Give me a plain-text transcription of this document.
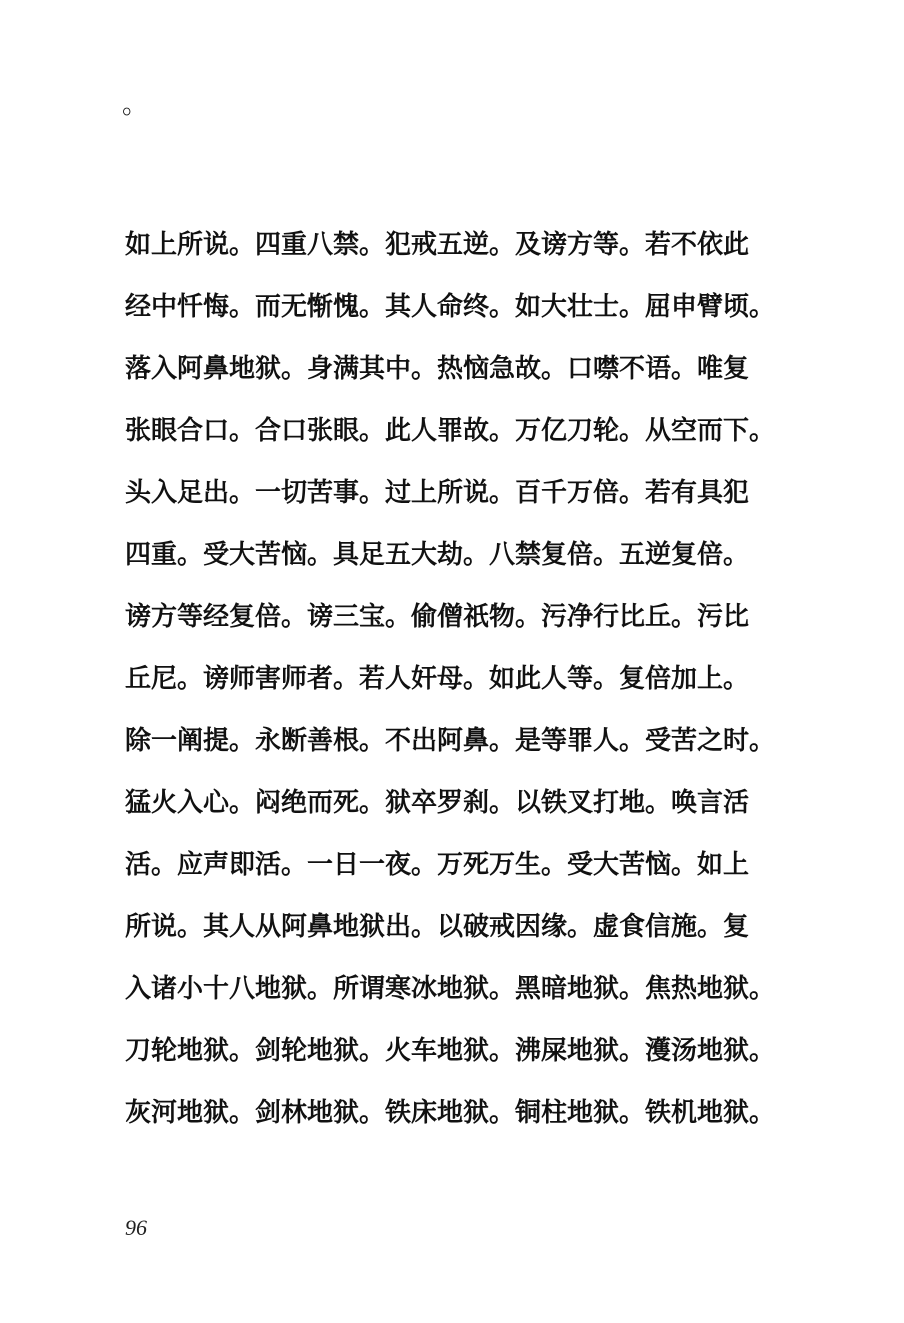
。
如上所说。四重八禁。犯戒五逆。及谤方等。若不依此
经中忏悔。而无惭愧。其人命终。如大壮士。屈申臂顷。
落入阿鼻地狱。身满其中。热恼急故。口噤不语。唯复
张眼合口。合口张眼。此人罪故。万亿刀轮。从空而下。
头入足出。一切苦事。过上所说。百千万倍。若有具犯
四重。受大苦恼。具足五大劫。八禁复倍。五逆复倍。
谤方等经复倍。谤三宝。偷僧祇物。污净行比丘。污比
丘尼。谤师害师者。若人奸母。如此人等。复倍加上。
除一阐提。永断善根。不出阿鼻。是等罪人。受苦之时。
猛火入心。闷绝而死。狱卒罗刹。以铁叉打地。唤言活
活。应声即活。一日一夜。万死万生。受大苦恼。如上
所说。其人从阿鼻地狱出。以破戒因缘。虚食信施。复
入诸小十八地狱。所谓寒冰地狱。黑暗地狱。焦热地狱。
刀轮地狱。剑轮地狱。火车地狱。沸屎地狱。濩汤地狱。
灰河地狱。剑林地狱。铁床地狱。铜柱地狱。铁机地狱。
96
